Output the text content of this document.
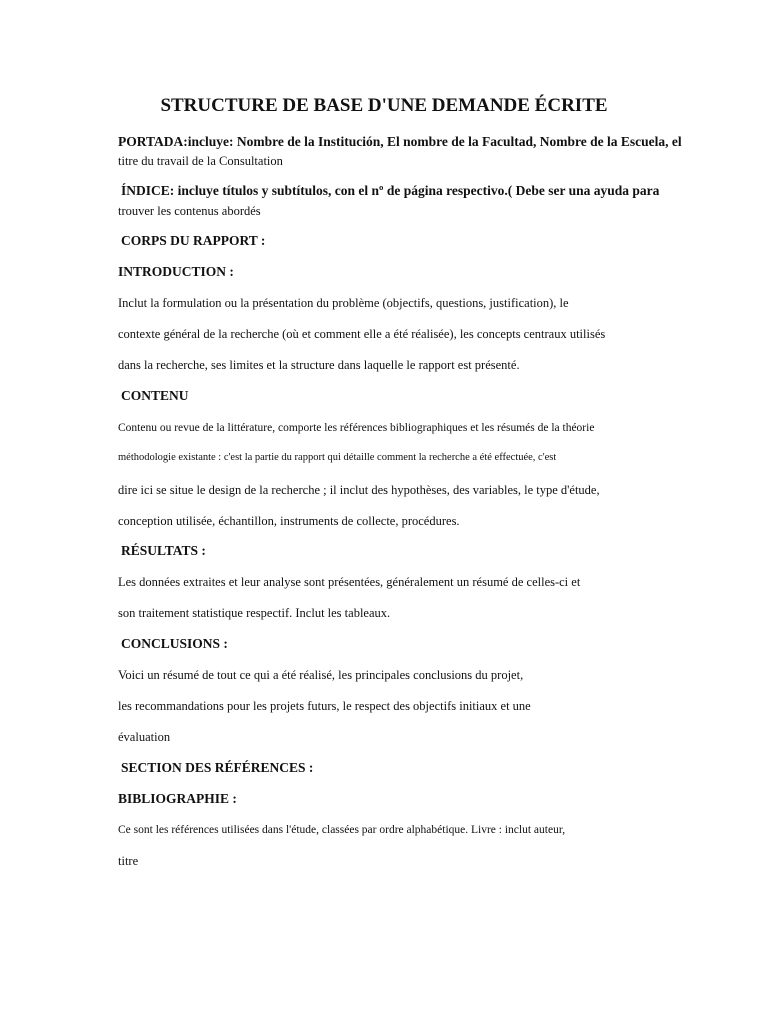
STRUCTURE DE BASE D'UNE DEMANDE ÉCRITE
PORTADA:incluye: Nombre de la Institución, El nombre de la Facultad, Nombre de la Escuela, el
titre du travail de la Consultation
ÍNDICE: incluye títulos y subtítulos, con el nº de página respectivo.( Debe ser una ayuda para
trouver les contenus abordés
CORPS DU RAPPORT :
INTRODUCTION :
Inclut la formulation ou la présentation du problème (objectifs, questions, justification), le
contexte général de la recherche (où et comment elle a été réalisée), les concepts centraux utilisés
dans la recherche, ses limites et la structure dans laquelle le rapport est présenté.
CONTENU
Contenu ou revue de la littérature, comporte les références bibliographiques et les résumés de la théorie
méthodologie existante : c'est la partie du rapport qui détaille comment la recherche a été effectuée, c'est
dire ici se situe le design de la recherche ; il inclut des hypothèses, des variables, le type d'étude,
conception utilisée, échantillon, instruments de collecte, procédures.
RÉSULTATS :
Les données extraites et leur analyse sont présentées, généralement un résumé de celles-ci et
son traitement statistique respectif. Inclut les tableaux.
CONCLUSIONS :
Voici un résumé de tout ce qui a été réalisé, les principales conclusions du projet,
les recommandations pour les projets futurs, le respect des objectifs initiaux et une
évaluation
SECTION DES RÉFÉRENCES :
BIBLIOGRAPHIE :
Ce sont les références utilisées dans l'étude, classées par ordre alphabétique. Livre : inclut auteur,
titre
